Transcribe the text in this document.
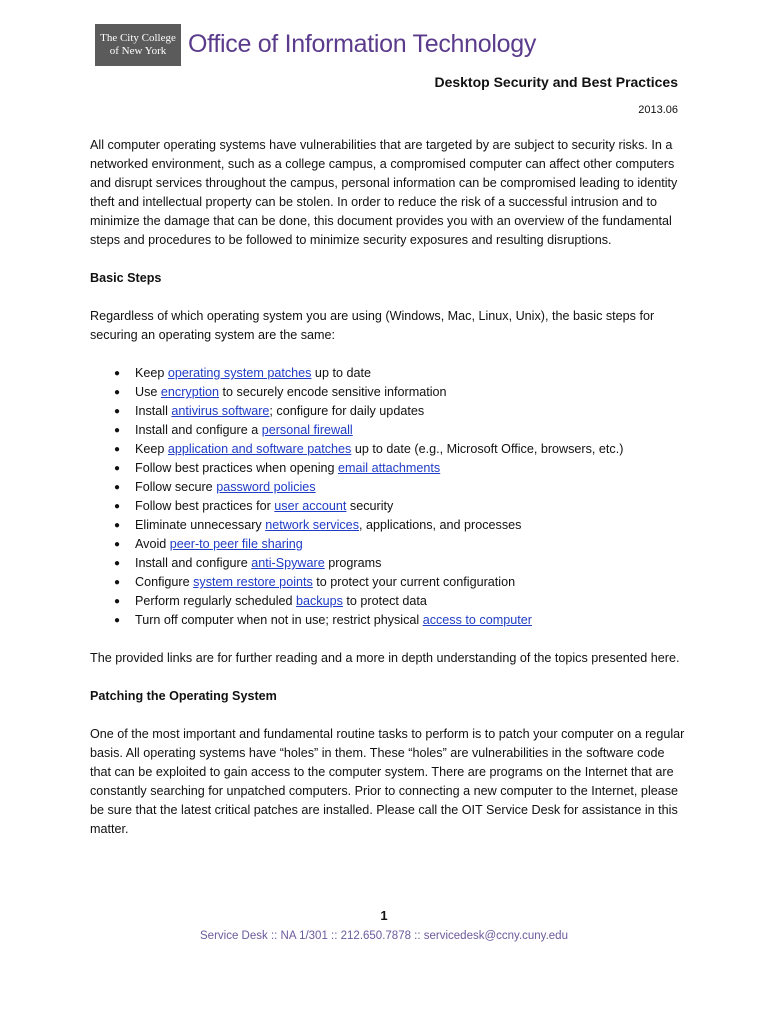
The City College
of New York Office of Information Technology
Desktop Security and Best Practices
2013.06

All computer operating systems have vulnerabilities that are targeted by are subject to security risks. In a networked environment, such as a college campus, a compromised computer can affect other computers and disrupt services throughout the campus, personal information can be compromised leading to identity theft and intellectual property can be stolen. In order to reduce the risk of a successful intrusion and to minimize the damage that can be done, this document provides you with an overview of the fundamental steps and procedures to be followed to minimize security exposures and resulting disruptions.

Basic Steps

Regardless of which operating system you are using (Windows, Mac, Linux, Unix), the basic steps for securing an operating system are the same:

● Keep operating system patches up to date
● Use encryption to securely encode sensitive information
● Install antivirus software; configure for daily updates
● Install and configure a personal firewall
● Keep application and software patches up to date (e.g., Microsoft Office, browsers, etc.)
● Follow best practices when opening email attachments
● Follow secure password policies
● Follow best practices for user account security
● Eliminate unnecessary network services, applications, and processes
● Avoid peer-to peer file sharing
● Install and configure anti-Spyware programs
● Configure system restore points to protect your current configuration
● Perform regularly scheduled backups to protect data
● Turn off computer when not in use; restrict physical access to computer

The provided links are for further reading and a more in depth understanding of the topics presented here.

Patching the Operating System

One of the most important and fundamental routine tasks to perform is to patch your computer on a regular basis. All operating systems have “holes” in them. These “holes” are vulnerabilities in the software code that can be exploited to gain access to the computer system. There are programs on the Internet that are constantly searching for unpatched computers. Prior to connecting a new computer to the Internet, please be sure that the latest critical patches are installed. Please call the OIT Service Desk for assistance in this matter.

1
Service Desk :: NA 1/301 :: 212.650.7878 :: servicedesk@ccny.cuny.edu
